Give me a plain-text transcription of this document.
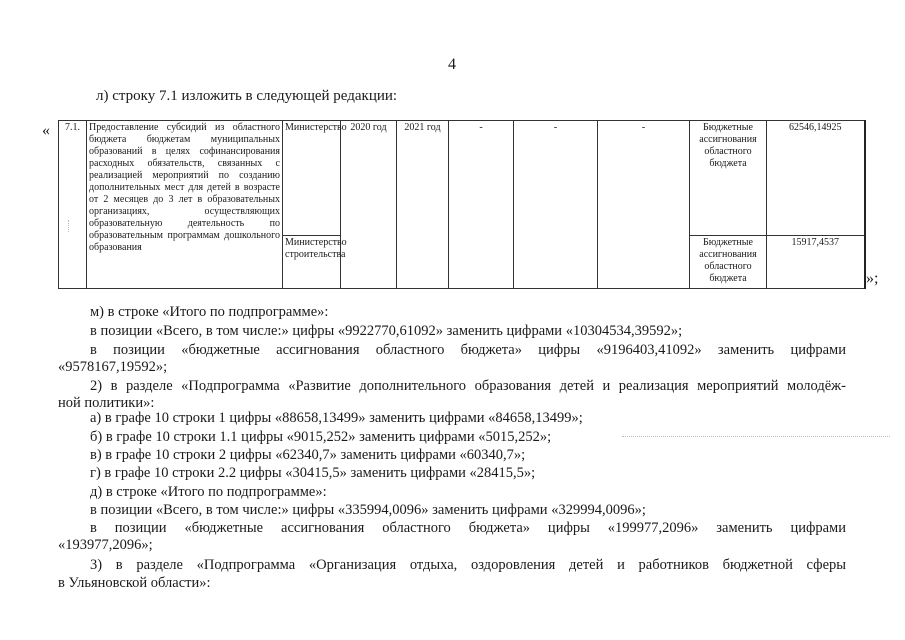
4
л) строку 7.1 изложить в следующей редакции:
«
»;
7.1.	Предоставление субсидий из областного бюджета бюджетам муниципальных образований в целях софинансирования расходных обязательств, связанных с реализацией мероприятий по созданию дополнительных мест для детей в возрасте от 2 месяцев до 3 лет в образовательных организациях, осуществляющих образовательную деятельность по образовательным программам дошкольного образования	Министерство	2020 год	2021 год	-	-	-	Бюджетные ассигнования областного бюджета	62546,14925
		Министерство строительства						Бюджетные ассигнования областного бюджета	15917,4537
м) в строке «Итого по подпрограмме»:
в позиции «Всего, в том числе:» цифры «9922770,61092» заменить цифрами «10304534,39592»;
в позиции «бюджетные ассигнования областного бюджета» цифры «9196403,41092» заменить цифрами
«9578167,19592»;
2) в разделе «Подпрограмма «Развитие дополнительного образования детей и реализация мероприятий молодёж-
ной политики»:
а) в графе 10 строки 1 цифры «88658,13499» заменить цифрами «84658,13499»;
б) в графе 10 строки 1.1 цифры «9015,252» заменить цифрами «5015,252»;
в) в графе 10 строки 2 цифры «62340,7» заменить цифрами «60340,7»;
г) в графе 10 строки 2.2 цифры «30415,5» заменить цифрами «28415,5»;
д) в строке «Итого по подпрограмме»:
в позиции «Всего, в том числе:» цифры «335994,0096» заменить цифрами «329994,0096»;
в позиции «бюджетные ассигнования областного бюджета» цифры «199977,2096» заменить цифрами
«193977,2096»;
3) в разделе «Подпрограмма «Организация отдыха, оздоровления детей и работников бюджетной сферы
в Ульяновской области»:
